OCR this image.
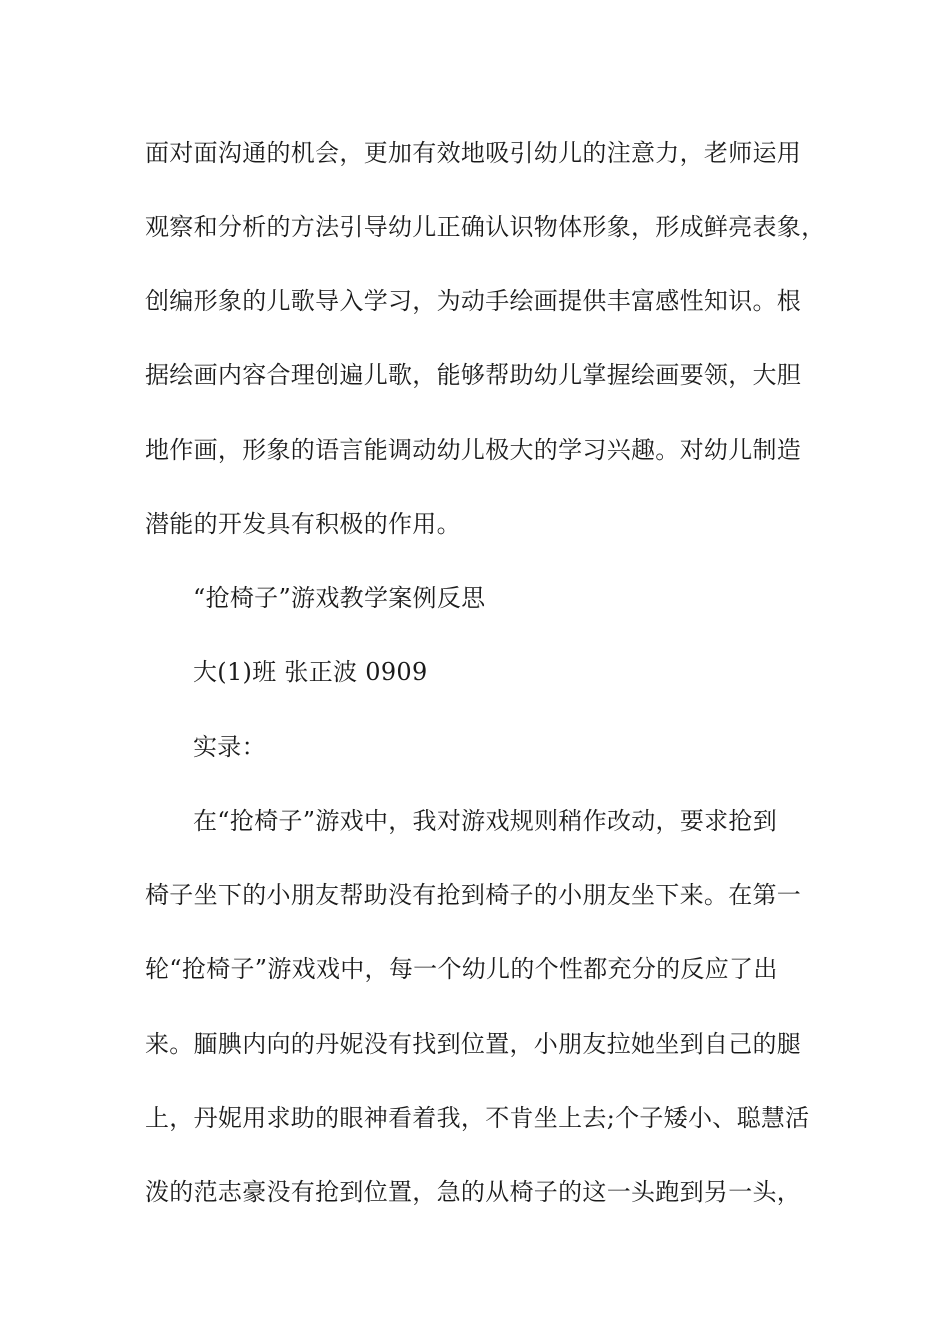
面对面沟通的机会，更加有效地吸引幼儿的注意力，老师运用
观察和分析的方法引导幼儿正确认识物体形象，形成鲜亮表象，
创编形象的儿歌导入学习，为动手绘画提供丰富感性知识。根
据绘画内容合理创遍儿歌，能够帮助幼儿掌握绘画要领，大胆
地作画，形象的语言能调动幼儿极大的学习兴趣。对幼儿制造
潜能的开发具有积极的作用。
“抢椅子”游戏教学案例反思
大(1)班 张正波 0909
实录：
在“抢椅子”游戏中，我对游戏规则稍作改动，要求抢到
椅子坐下的小朋友帮助没有抢到椅子的小朋友坐下来。在第一
轮“抢椅子”游戏戏中，每一个幼儿的个性都充分的反应了出
来。腼腆内向的丹妮没有找到位置，小朋友拉她坐到自己的腿
上，丹妮用求助的眼神看着我，不肯坐上去;个子矮小、聪慧活
泼的范志豪没有抢到位置，急的从椅子的这一头跑到另一头，
